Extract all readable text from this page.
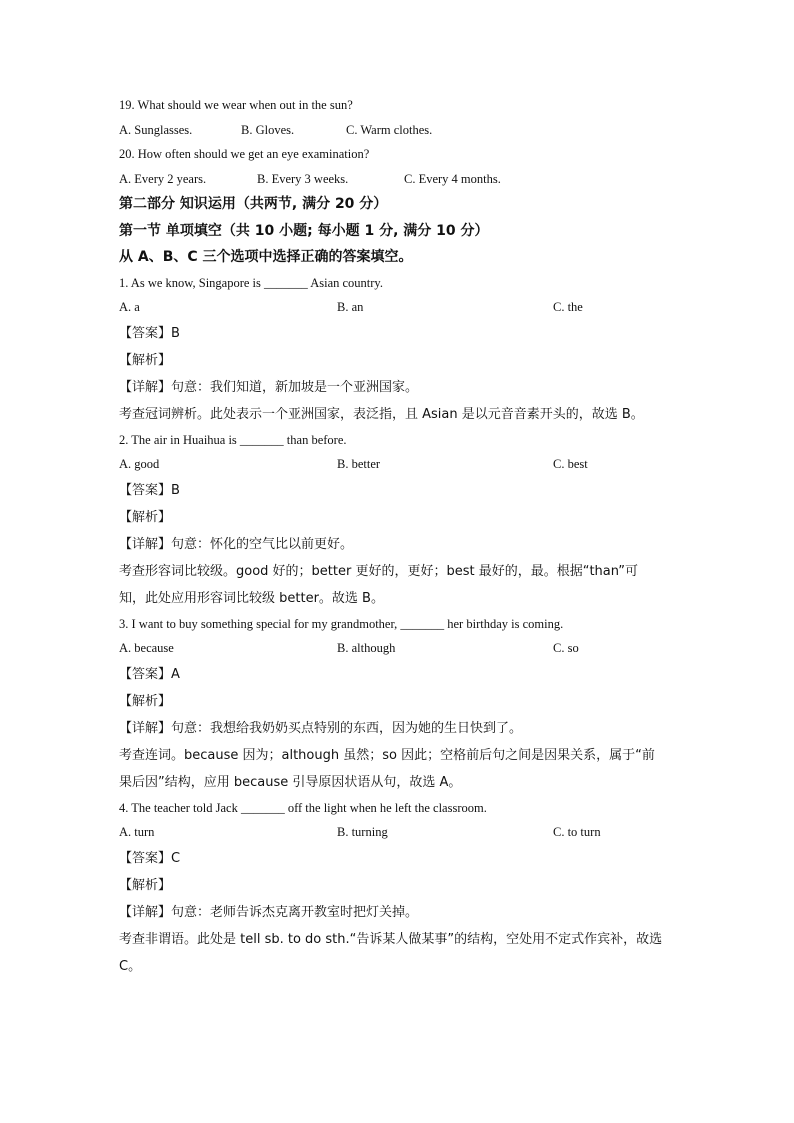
19. What should we wear when out in the sun?
A. Sunglasses.	B. Gloves.	C. Warm clothes.
20. How often should we get an eye examination?
A. Every 2 years.	B. Every 3 weeks.	C. Every 4 months.
第二部分 知识运用（共两节, 满分 20 分）
第一节 单项填空（共 10 小题; 每小题 1 分, 满分 10 分）
从 A、B、C 三个选项中选择正确的答案填空。
1. As we know, Singapore is _______ Asian country.
A. a	B. an	C. the
【答案】B
【解析】
【详解】句意：我们知道，新加坡是一个亚洲国家。
考查冠词辨析。此处表示一个亚洲国家，表泛指，且 Asian 是以元音音素开头的，故选 B。
2. The air in Huaihua is _______ than before.
A. good	B. better	C. best
【答案】B
【解析】
【详解】句意：怀化的空气比以前更好。
考查形容词比较级。good 好的；better 更好的，更好；best 最好的，最。根据“than”可知，此处应用形容词比较级 better。故选 B。
3. I want to buy something special for my grandmother, _______ her birthday is coming.
A. because	B. although	C. so
【答案】A
【解析】
【详解】句意：我想给我奶奶买点特别的东西，因为她的生日快到了。
考查连词。because 因为；although 虽然；so 因此；空格前后句之间是因果关系，属于“前果后因”结构，应用 because 引导原因状语从句，故选 A。
4. The teacher told Jack _______ off the light when he left the classroom.
A. turn	B. turning	C. to turn
【答案】C
【解析】
【详解】句意：老师告诉杰克离开教室时把灯关掉。
考查非谓语。此处是 tell sb. to do sth.“告诉某人做某事”的结构，空处用不定式作宾补，故选 C。
